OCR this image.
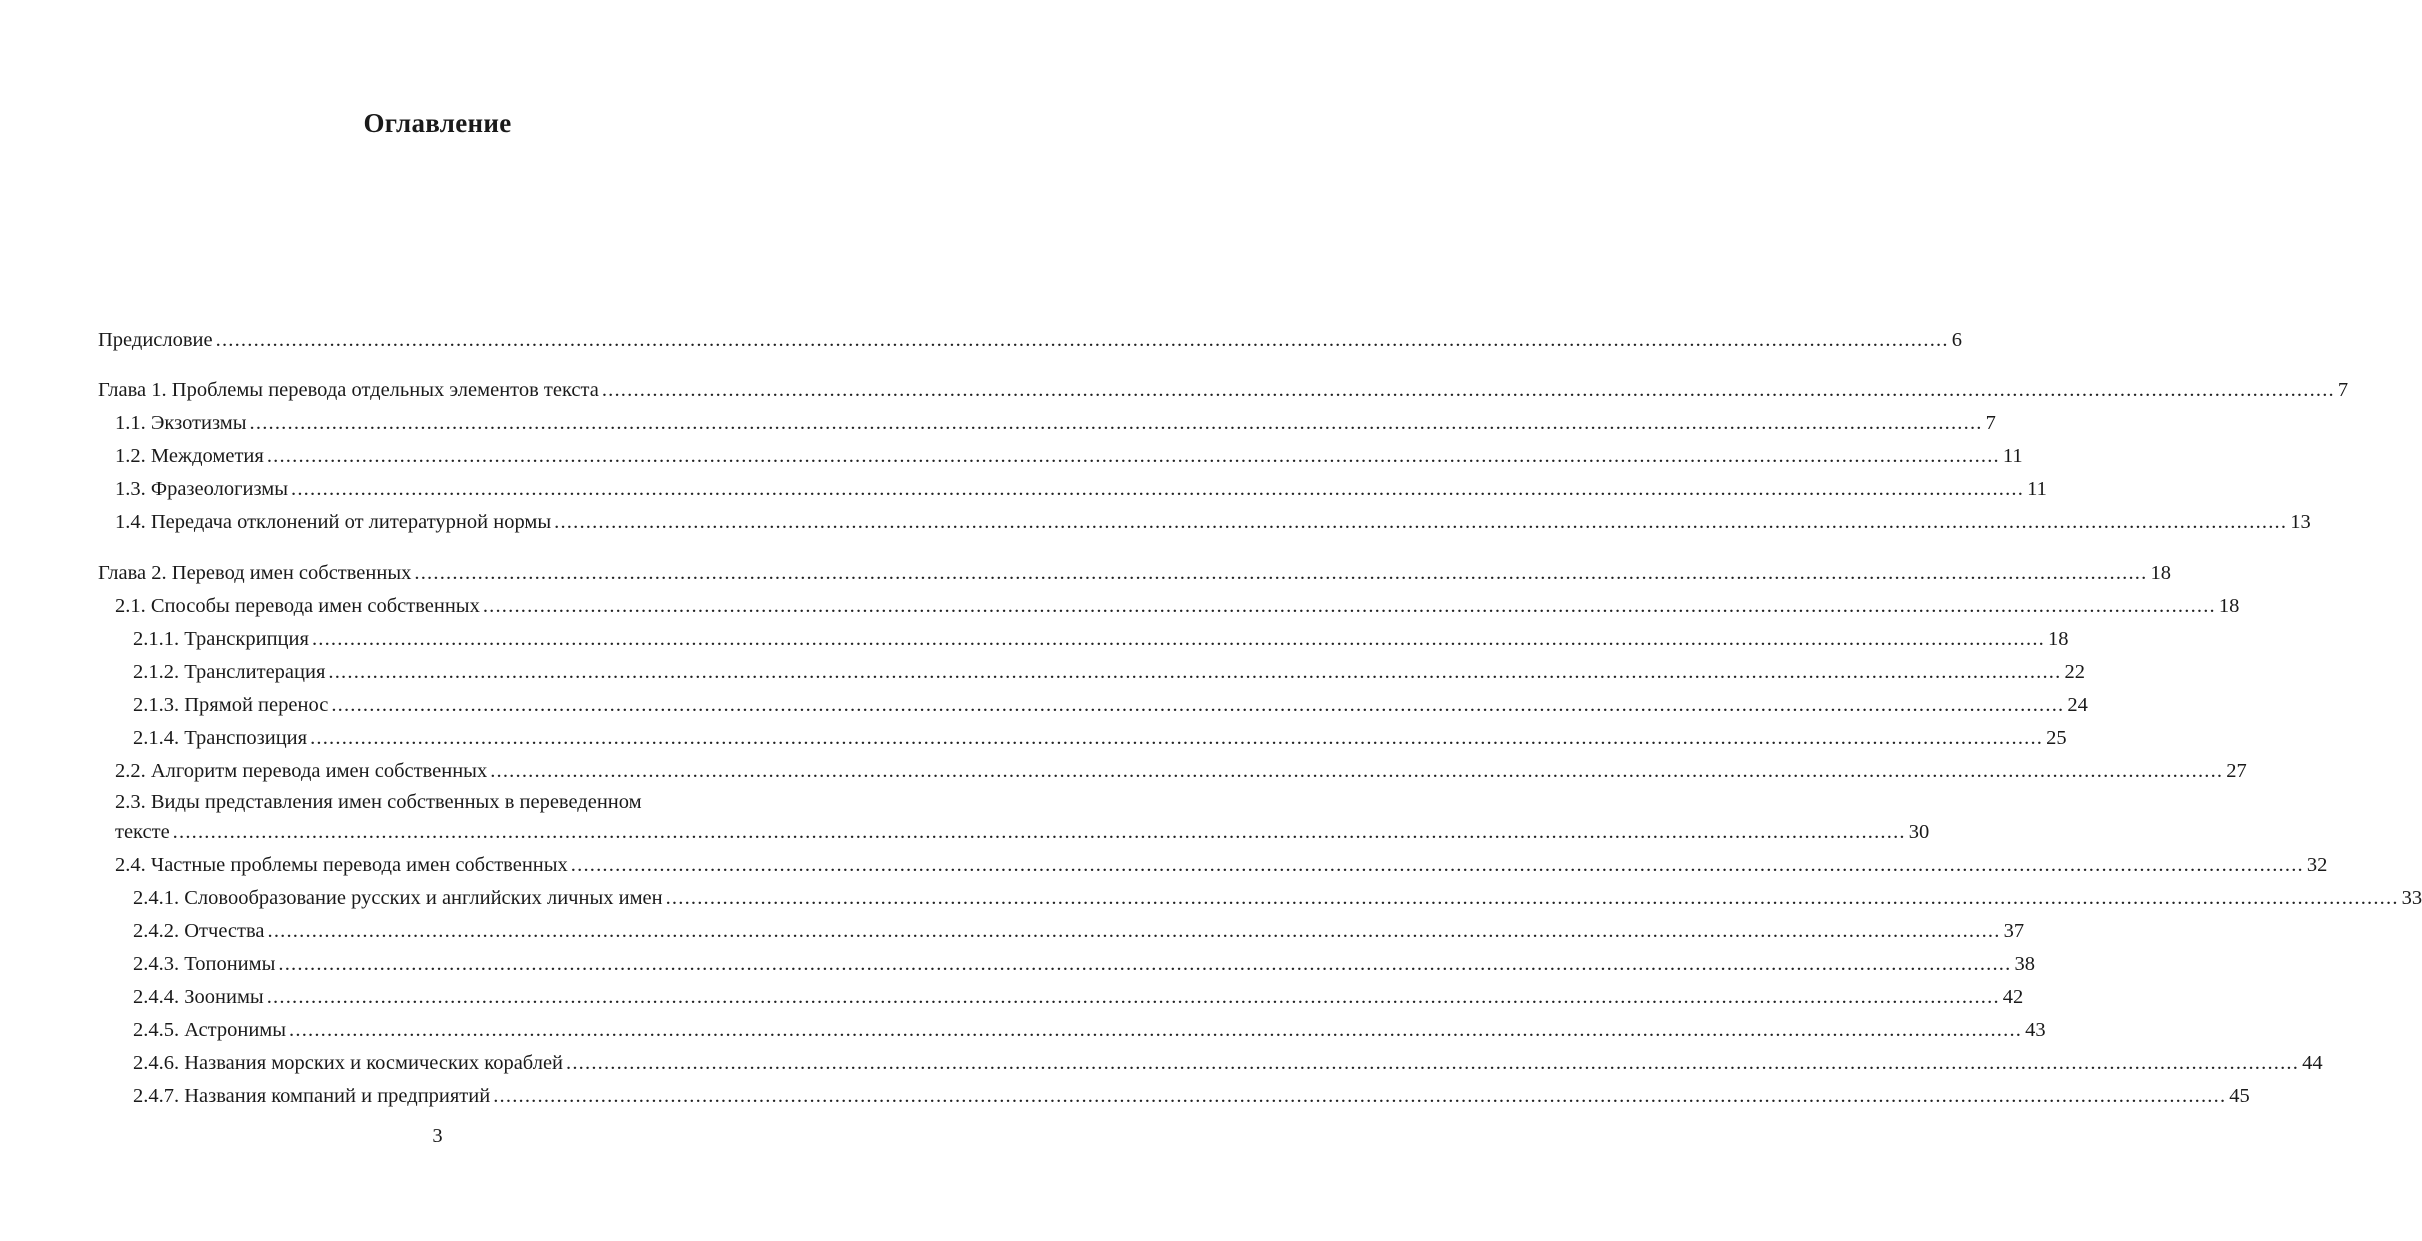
Оглавление
Предисловие .....	6
Глава 1. Проблемы перевода отдельных элементов текста .....	7
1.1. Экзотизмы .....	7
1.2. Междометия .....	11
1.3. Фразеологизмы .....	11
1.4. Передача отклонений от литературной нормы .....	13
Глава 2. Перевод имен собственных .....	18
2.1. Способы перевода имен собственных .....	18
2.1.1. Транскрипция .....	18
2.1.2. Транслитерация .....	22
2.1.3. Прямой перенос .....	24
2.1.4. Транспозиция .....	25
2.2. Алгоритм перевода имен собственных .....	27
2.3. Виды представления имен собственных в переведенном
тексте .....	30
2.4. Частные проблемы перевода имен собственных .....	32
2.4.1. Словообразование русских и английских личных имен .....	33
2.4.2. Отчества .....	37
2.4.3. Топонимы .....	38
2.4.4. Зоонимы .....	42
2.4.5. Астронимы .....	43
2.4.6. Названия морских и космических кораблей .....	44
2.4.7. Названия компаний и предприятий .....	45
3
